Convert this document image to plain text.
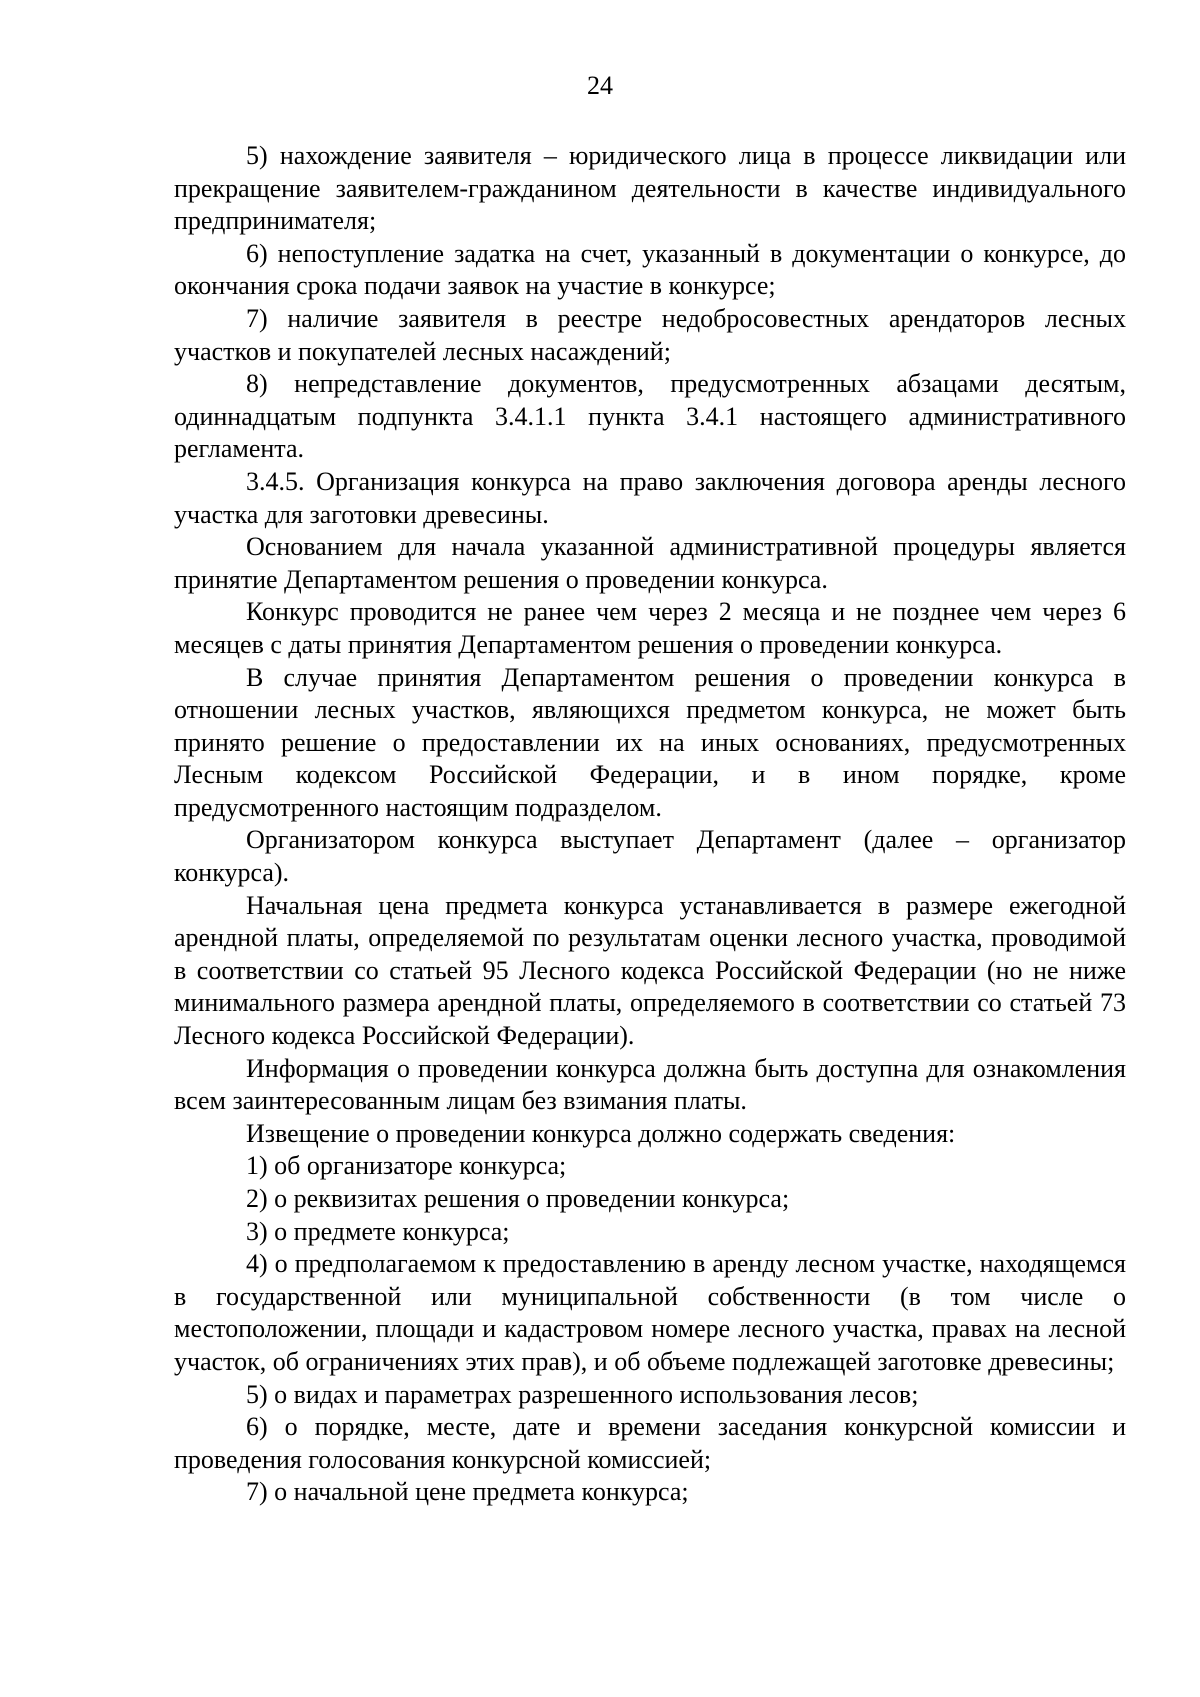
24

5) нахождение заявителя – юридического лица в процессе ликвидации или прекращение заявителем-гражданином деятельности в качестве индивидуального предпринимателя;

6) непоступление задатка на счет, указанный в документации о конкурсе, до окончания срока подачи заявок на участие в конкурсе;

7) наличие заявителя в реестре недобросовестных арендаторов лесных участков и покупателей лесных насаждений;

8) непредставление документов, предусмотренных абзацами десятым, одиннадцатым подпункта 3.4.1.1 пункта 3.4.1 настоящего административного регламента.

3.4.5. Организация конкурса на право заключения договора аренды лесного участка для заготовки древесины.

Основанием для начала указанной административной процедуры является принятие Департаментом решения о проведении конкурса.

Конкурс проводится не ранее чем через 2 месяца и не позднее чем через 6 месяцев с даты принятия Департаментом решения о проведении конкурса.

В случае принятия Департаментом решения о проведении конкурса в отношении лесных участков, являющихся предметом конкурса, не может быть принято решение о предоставлении их на иных основаниях, предусмотренных Лесным кодексом Российской Федерации, и в ином порядке, кроме предусмотренного настоящим подразделом.

Организатором конкурса выступает Департамент (далее – организатор конкурса).

Начальная цена предмета конкурса устанавливается в размере ежегодной арендной платы, определяемой по результатам оценки лесного участка, проводимой в соответствии со статьей 95 Лесного кодекса Российской Федерации (но не ниже минимального размера арендной платы, определяемого в соответствии со статьей 73 Лесного кодекса Российской Федерации).

Информация о проведении конкурса должна быть доступна для ознакомления всем заинтересованным лицам без взимания платы.

Извещение о проведении конкурса должно содержать сведения:

1) об организаторе конкурса;

2) о реквизитах решения о проведении конкурса;

3) о предмете конкурса;

4) о предполагаемом к предоставлению в аренду лесном участке, находящемся в государственной или муниципальной собственности (в том числе о местоположении, площади и кадастровом номере лесного участка, правах на лесной участок, об ограничениях этих прав), и об объеме подлежащей заготовке древесины;

5) о видах и параметрах разрешенного использования лесов;

6) о порядке, месте, дате и времени заседания конкурсной комиссии и проведения голосования конкурсной комиссией;

7) о начальной цене предмета конкурса;
